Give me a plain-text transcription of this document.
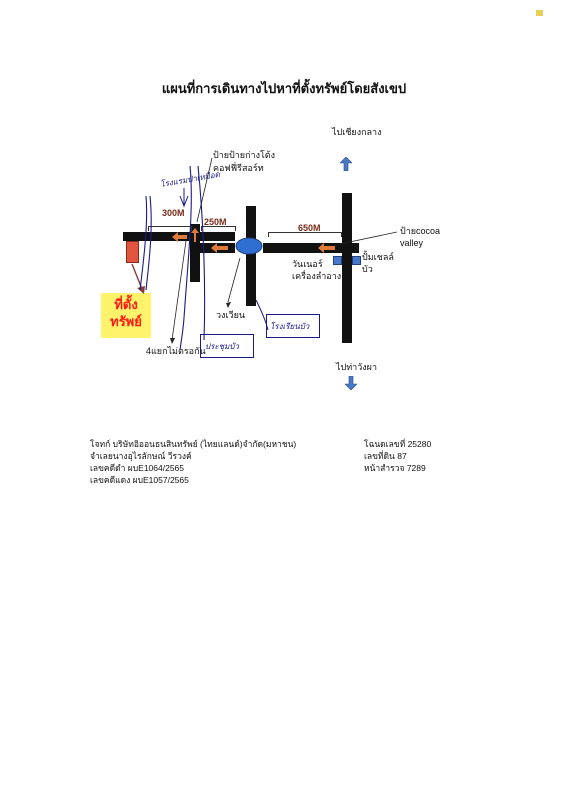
แผนที่การเดินทางไปหาที่ตั้งทรัพย์โดยสังเขป
ที่ตั้ง
ทรัพย์
300M
250M
650M
ป้ายป้ายก่างโต้ง
คอฟฟี่รีสอร์ท
ไปเชียงกลาง
ป้ายcocoa
valley
ปั้มเชลล์
บัว
วันเนอร์
เครื่องลำอาง
วงเวียน
ไปท่าวังผา
4แยกไม่ตรอกัน
โรงแรมป่าเหมือด
โรงเรียนบัว
ประชุมบัว
โจทก์ บริษัทอิออนธนสินทรัพย์ (ไทยแลนด์)จำกัด(มหาชน)
จำเลยนางอุไรลักษณ์ วีรวงค์
เลขคดีดำ ผบE1064/2565
เลขคดีแดง ผบE1057/2565
โฉนดเลขที่ 25280
เลขที่ดิน 87
หน้าสำรวจ 7289
